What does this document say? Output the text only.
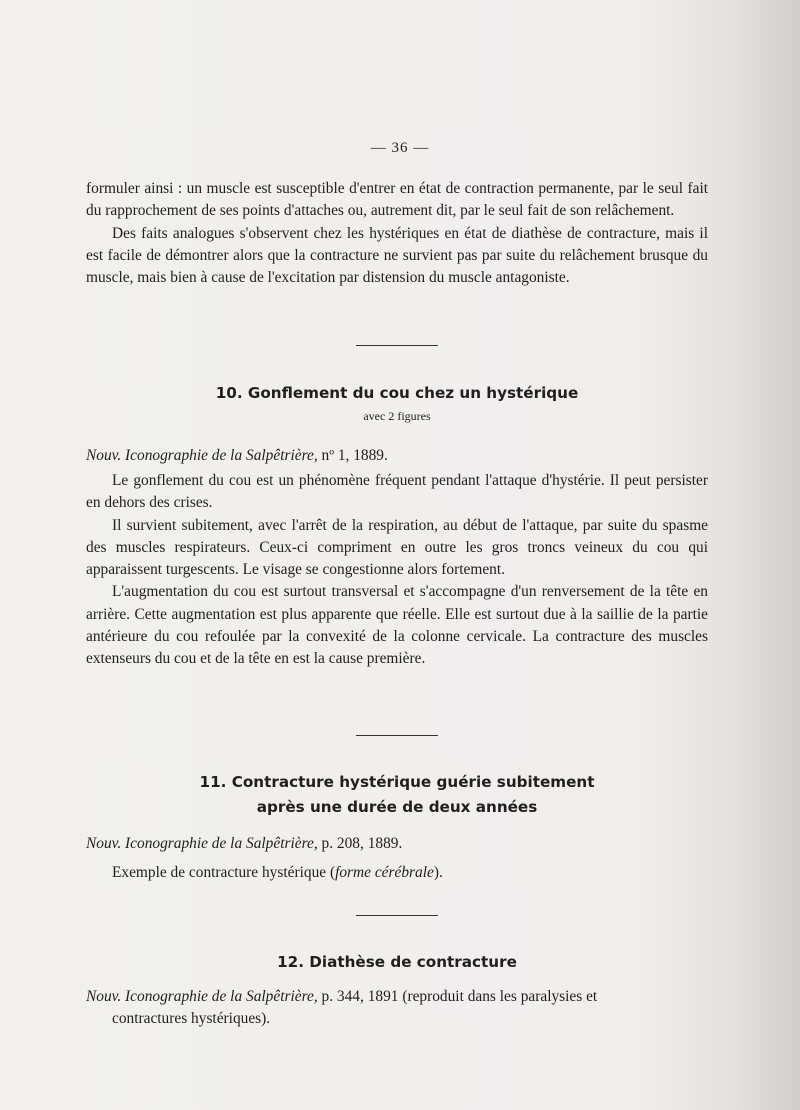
— 36 —

formuler ainsi : un muscle est susceptible d'entrer en état de contraction permanente, par le seul fait du rapprochement de ses points d'attaches ou, autrement dit, par le seul fait de son relâchement.

Des faits analogues s'observent chez les hystériques en état de diathèse de contracture, mais il est facile de démontrer alors que la contracture ne survient pas par suite du relâchement brusque du muscle, mais bien à cause de l'excitation par distension du muscle antagoniste.

10. Gonflement du cou chez un hystérique
avec 2 figures
Nouv. Iconographie de la Salpêtrière, nº 1, 1889.

Le gonflement du cou est un phénomène fréquent pendant l'attaque d'hystérie. Il peut persister en dehors des crises.

Il survient subitement, avec l'arrêt de la respiration, au début de l'attaque, par suite du spasme des muscles respirateurs. Ceux-ci compriment en outre les gros troncs veineux du cou qui apparaissent turgescents. Le visage se congestionne alors fortement.

L'augmentation du cou est surtout transversal et s'accompagne d'un renversement de la tête en arrière. Cette augmentation est plus apparente que réelle. Elle est surtout due à la saillie de la partie antérieure du cou refoulée par la convexité de la colonne cervicale. La contracture des muscles extenseurs du cou et de la tête en est la cause première.

11. Contracture hystérique guérie subitement
après une durée de deux années
Nouv. Iconographie de la Salpêtrière, p. 208, 1889.

Exemple de contracture hystérique (forme cérébrale).

12. Diathèse de contracture
Nouv. Iconographie de la Salpêtrière, p. 344, 1891 (reproduit dans les paralysies et
contractures hystériques).
